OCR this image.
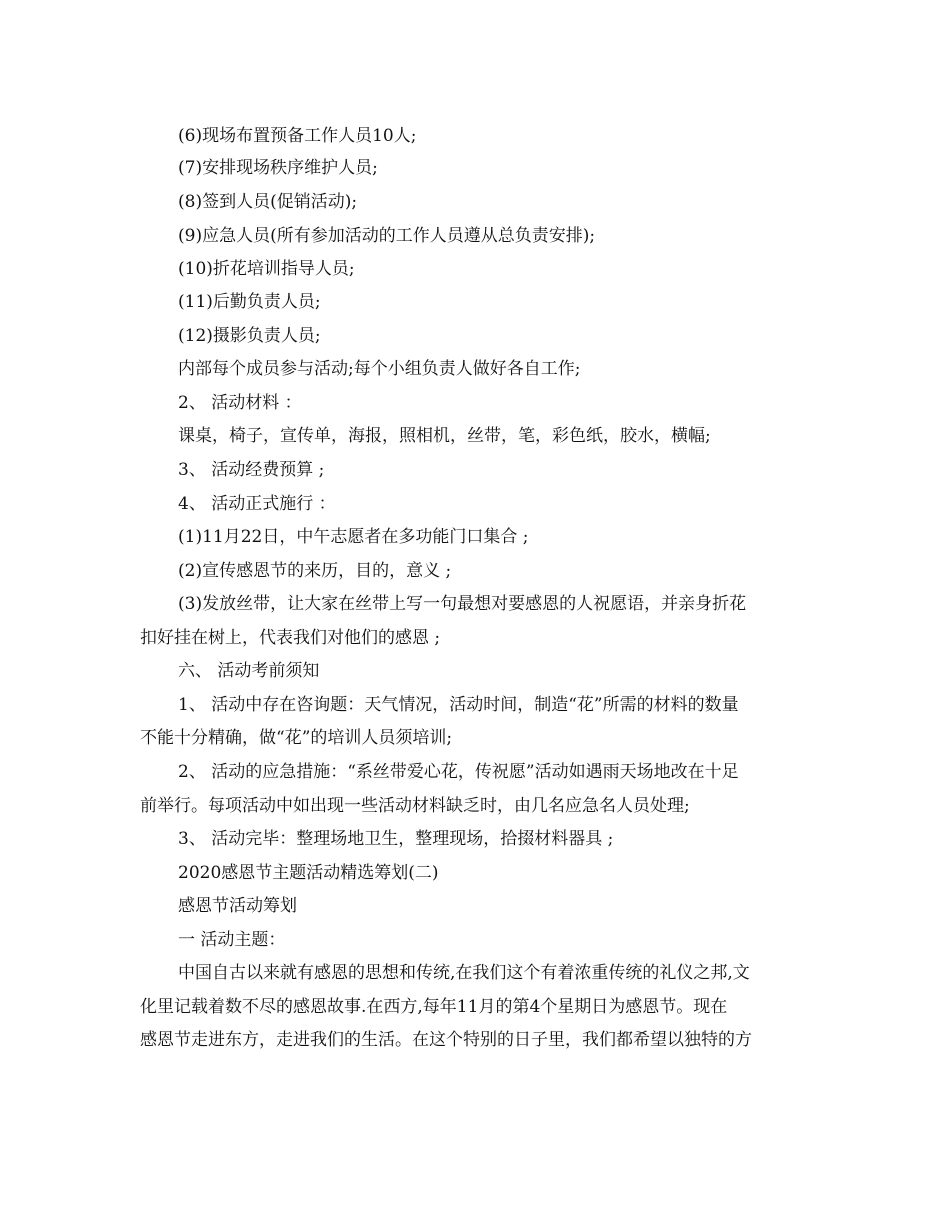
(6)现场布置预备工作人员10人;
(7)安排现场秩序维护人员;
(8)签到人员(促销活动);
(9)应急人员(所有参加活动的工作人员遵从总负责安排);
(10)折花培训指导人员;
(11)后勤负责人员;
(12)摄影负责人员;
内部每个成员参与活动;每个小组负责人做好各自工作;
2、 活动材料 ：
课桌，椅子，宣传单，海报，照相机，丝带，笔，彩色纸，胶水，横幅;
3、 活动经费预算 ;
4、 活动正式施行 ：
(1)11月22日，中午志愿者在多功能门口集合 ;
(2)宣传感恩节的来历，目的，意义 ;
(3)发放丝带，让大家在丝带上写一句最想对要感恩的人祝愿语，并亲身折花
扣好挂在树上，代表我们对他们的感恩 ;
六、 活动考前须知
1、 活动中存在咨询题：天气情况，活动时间，制造“花”所需的材料的数量
不能十分精确，做“花”的培训人员须培训;
2、 活动的应急措施：“系丝带爱心花，传祝愿”活动如遇雨天场地改在十足
前举行。每项活动中如出现一些活动材料缺乏时，由几名应急名人员处理;
3、 活动完毕：整理场地卫生，整理现场，拾掇材料器具 ;
2020感恩节主题活动精选筹划(二)
感恩节活动筹划
一 活动主题：
中国自古以来就有感恩的思想和传统,在我们这个有着浓重传统的礼仪之邦,文
化里记载着数不尽的感恩故事.在西方,每年11月的第4个星期日为感恩节。现在
感恩节走进东方，走进我们的生活。在这个特别的日子里，我们都希望以独特的方
